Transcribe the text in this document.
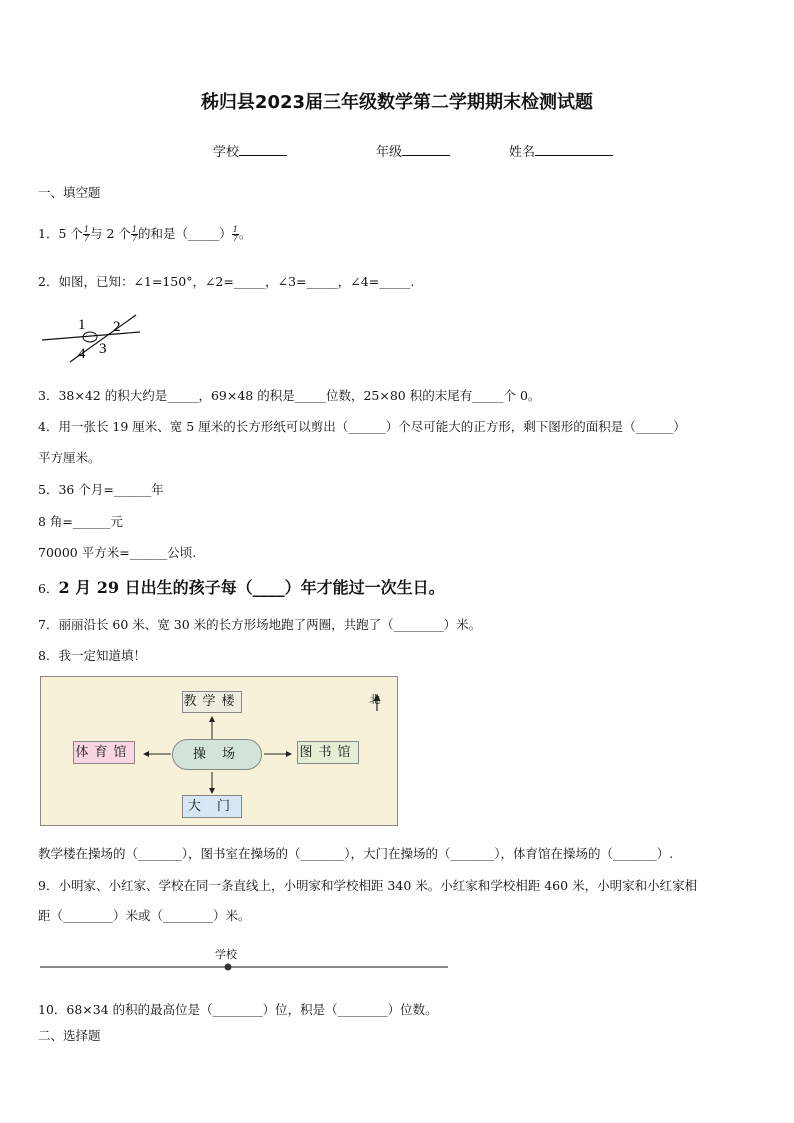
秭归县2023届三年级数学第二学期期末检测试题
学校	年级	姓名
一、填空题
1．5 个 $\frac{1}{7}$ 与 2 个 $\frac{1}{7}$ 的和是（_____） $\frac{1}{7}$ 。
2．如图，已知：∠1=150°，∠2=_____，∠3=_____，∠4=_____.
1 2
3
4
3．38×42 的积大约是_____，69×48 的积是_____位数，25×80 积的末尾有_____个 0。
4．用一张长 19 厘米、宽 5 厘米的长方形纸可以剪出（______）个尽可能大的正方形，剩下图形的面积是（______）
平方厘米。
5．36 个月=______年
8 角=______元
70000 平方米=______公顷.
6．2 月 29 日出生的孩子每（____）年才能过一次生日。
7．丽丽沿长 60 米、宽 30 米的长方形场地跑了两圈，共跑了（________）米。
8．我一定知道填！
北
教学楼
操 场	图书馆
体育馆
大 门
教学楼在操场的（_______），图书室在操场的（_______），大门在操场的（_______），体育馆在操场的（_______）.
9．小明家、小红家、学校在同一条直线上，小明家和学校相距 340 米。小红家和学校相距 460 米，小明家和小红家相
距（________）米或（________）米。
学校
10．68×34 的积的最高位是（________）位，积是（________）位数。
二、选择题
